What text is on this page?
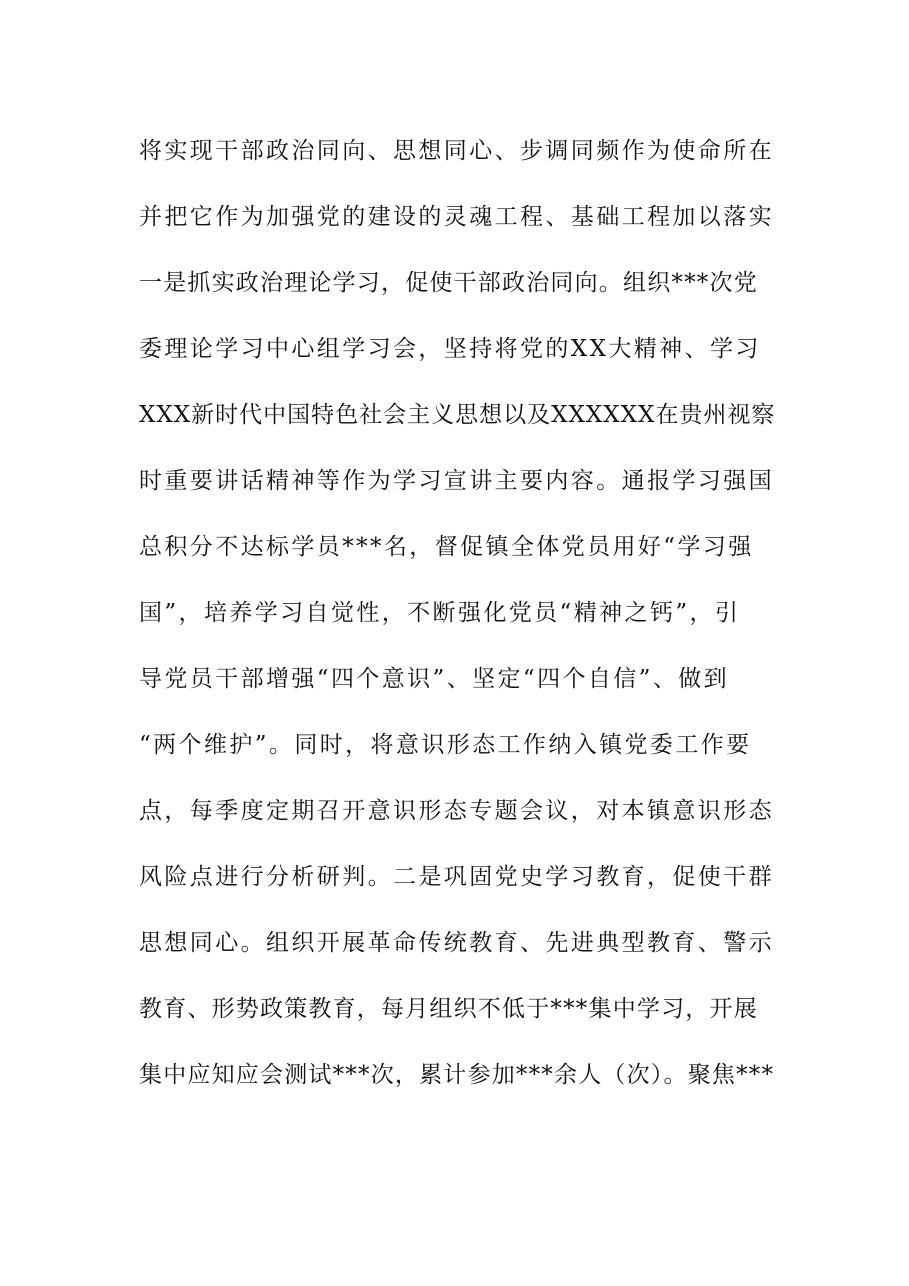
将实现干部政治同向、思想同心、步调同频作为使命所在
并把它作为加强党的建设的灵魂工程、基础工程加以落实
一是抓实政治理论学习，促使干部政治同向。组织***次党
委理论学习中心组学习会，坚持将党的XX大精神、学习
XXX新时代中国特色社会主义思想以及XXXXXX在贵州视察
时重要讲话精神等作为学习宣讲主要内容。通报学习强国
总积分不达标学员***名，督促镇全体党员用好“学习强
国”，培养学习自觉性，不断强化党员“精神之钙”，引
导党员干部增强“四个意识”、坚定“四个自信”、做到
“两个维护”。同时，将意识形态工作纳入镇党委工作要
点，每季度定期召开意识形态专题会议，对本镇意识形态
风险点进行分析研判。二是巩固党史学习教育，促使干群
思想同心。组织开展革命传统教育、先进典型教育、警示
教育、形势政策教育，每月组织不低于***集中学习，开展
集中应知应会测试***次，累计参加***余人（次）。聚焦***
